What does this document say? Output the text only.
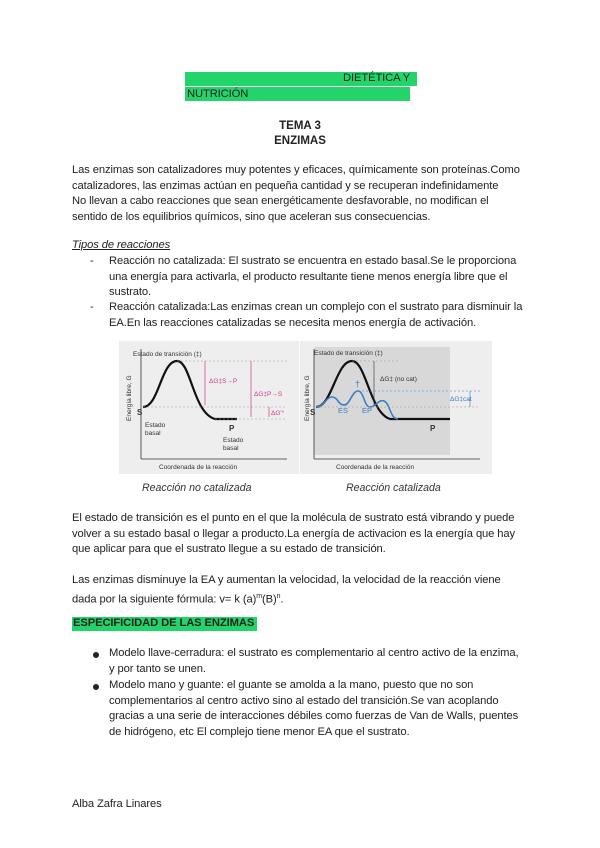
DIETÉTICA Y
NUTRICIÓN
TEMA 3
ENZIMAS
Las enzimas son catalizadores muy potentes y eficaces, químicamente son proteínas.Como
catalizadores, las enzimas actúan en pequeña cantidad y se recuperan indefinidamente
No llevan a cabo reacciones que sean energéticamente desfavorable, no modifican el
sentido de los equilibrios químicos, sino que aceleran sus consecuencias.
Tipos de reacciones
- Reacción no catalizada: El sustrato se encuentra en estado basal.Se le proporciona
una energía para activarla, el producto resultante tiene menos energía libre que el
sustrato.
- Reacción catalizada:Las enzimas crean un complejo con el sustrato para disminuir la
EA.En las reacciones catalizadas se necesita menos energía de activación.
Energía libre, G
Coordenada de la reacción
Estado de transición (‡)
ΔG‡S→P
ΔG‡P→S
ΔG'°
S
P
Estado
basal
Estado
basal
Reacción no catalizada
Energía libre, G
Coordenada de la reacción
Estado de transición (‡)
ΔG‡ (no cat)
ΔG‡cat
†
ES EP
S
P
Reacción catalizada
El estado de transición es el punto en el que la molécula de sustrato está vibrando y puede
volver a su estado basal o llegar a producto.La energía de activacion es la energía que hay
que aplicar para que el sustrato llegue a su estado de transición.
Las enzimas disminuye la EA y aumentan la velocidad, la velocidad de la reacción viene
dada por la siguiente fórmula: v= k $(a)^m(B)^n$.
ESPECIFICIDAD DE LAS ENZIMAS
Modelo llave-cerradura: el sustrato es complementario al centro activo de la enzima,
y por tanto se unen.
Modelo mano y guante: el guante se amolda a la mano, puesto que no son
complementarios al centro activo sino al estado del transición.Se van acoplando
gracias a una serie de interacciones débiles como fuerzas de Van de Walls, puentes
de hidrógeno, etc El complejo tiene menor EA que el sustrato.
Alba Zafra Linares
